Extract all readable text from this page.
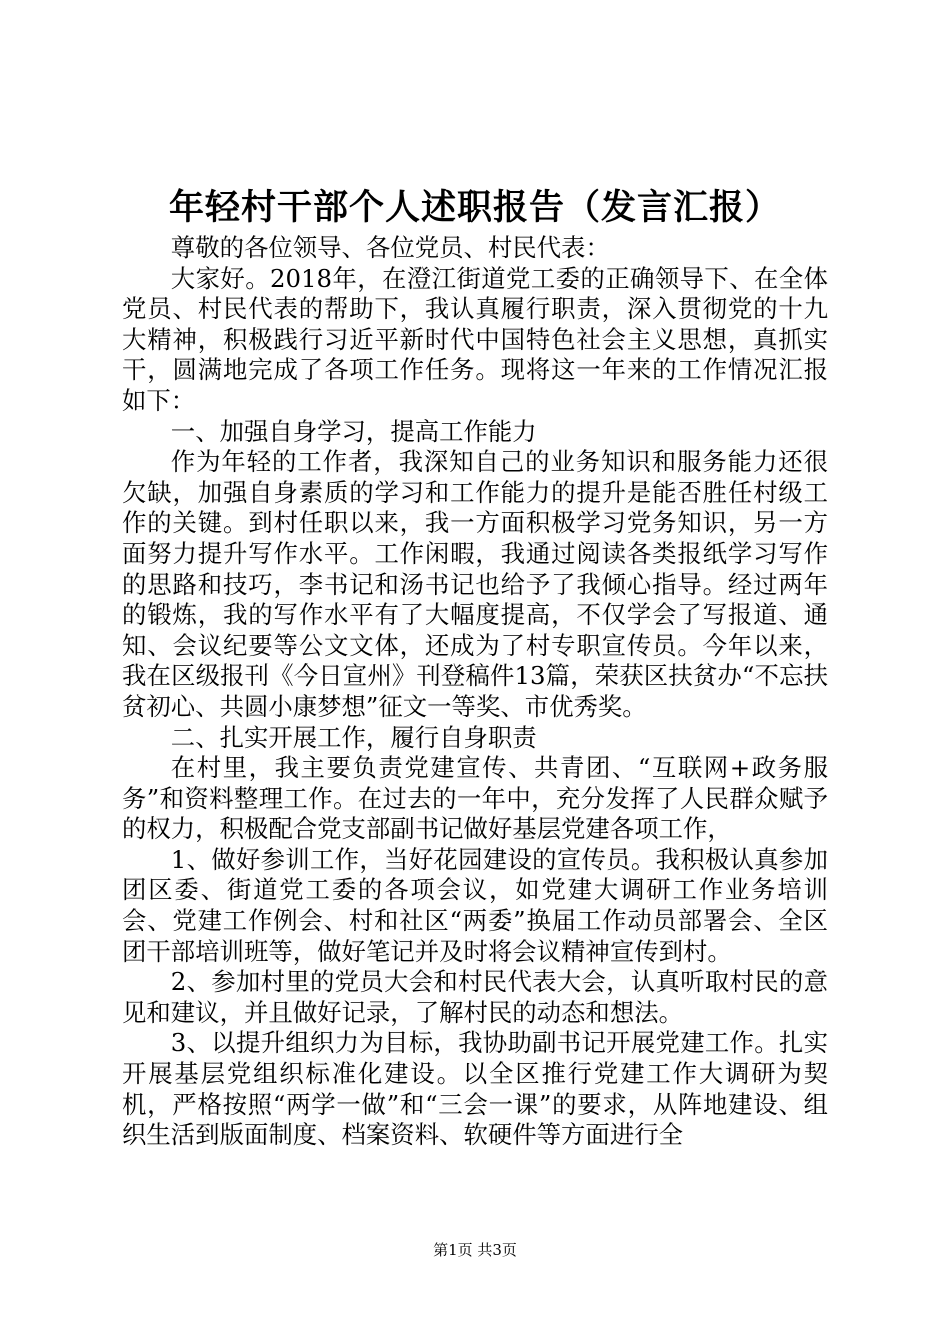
年轻村干部个人述职报告（发言汇报）

尊敬的各位领导、各位党员、村民代表：

大家好。2018年，在澄江街道党工委的正确领导下、在全体党员、村民代表的帮助下，我认真履行职责，深入贯彻党的十九大精神，积极践行习近平新时代中国特色社会主义思想，真抓实干，圆满地完成了各项工作任务。现将这一年来的工作情况汇报如下：

一、加强自身学习，提高工作能力

作为年轻的工作者，我深知自己的业务知识和服务能力还很欠缺，加强自身素质的学习和工作能力的提升是能否胜任村级工作的关键。到村任职以来，我一方面积极学习党务知识，另一方面努力提升写作水平。工作闲暇，我通过阅读各类报纸学习写作的思路和技巧，李书记和汤书记也给予了我倾心指导。经过两年的锻炼，我的写作水平有了大幅度提高，不仅学会了写报道、通知、会议纪要等公文文体，还成为了村专职宣传员。今年以来，我在区级报刊《今日宣州》刊登稿件13篇，荣获区扶贫办“不忘扶贫初心、共圆小康梦想”征文一等奖、市优秀奖。

二、扎实开展工作，履行自身职责

在村里，我主要负责党建宣传、共青团、“互联网+政务服务”和资料整理工作。在过去的一年中，充分发挥了人民群众赋予的权力，积极配合党支部副书记做好基层党建各项工作，

1、做好参训工作，当好花园建设的宣传员。我积极认真参加团区委、街道党工委的各项会议，如党建大调研工作业务培训会、党建工作例会、村和社区“两委”换届工作动员部署会、全区团干部培训班等，做好笔记并及时将会议精神宣传到村。

2、参加村里的党员大会和村民代表大会，认真听取村民的意见和建议，并且做好记录，了解村民的动态和想法。

3、以提升组织力为目标，我协助副书记开展党建工作。扎实开展基层党组织标准化建设。以全区推行党建工作大调研为契机，严格按照“两学一做”和“三会一课”的要求，从阵地建设、组织生活到版面制度、档案资料、软硬件等方面进行全

第1页 共3页
